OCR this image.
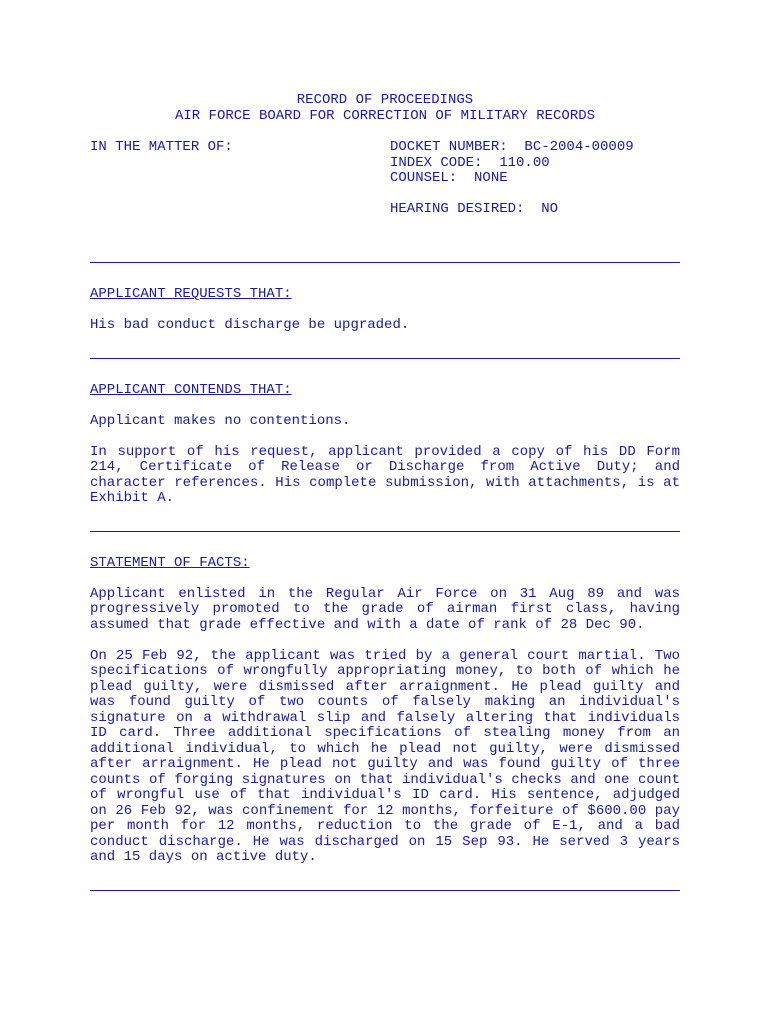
RECORD OF PROCEEDINGS
AIR FORCE BOARD FOR CORRECTION OF MILITARY RECORDS
IN THE MATTER OF:	DOCKET NUMBER:  BC-2004-00009
INDEX CODE:  110.00
COUNSEL:  NONE
HEARING DESIRED:  NO
APPLICANT REQUESTS THAT:

His bad conduct discharge be upgraded.

APPLICANT CONTENDS THAT:

Applicant makes no contentions.

In support of his request, applicant provided a copy of his DD Form 214, Certificate of Release or Discharge from Active Duty; and character references. His complete submission, with attachments, is at Exhibit A.

STATEMENT OF FACTS:

Applicant enlisted in the Regular Air Force on 31 Aug 89 and was progressively promoted to the grade of airman first class, having assumed that grade effective and with a date of rank of 28 Dec 90.

On 25 Feb 92, the applicant was tried by a general court martial. Two specifications of wrongfully appropriating money, to both of which he plead guilty, were dismissed after arraignment. He plead guilty and was found guilty of two counts of falsely making an individual's signature on a withdrawal slip and falsely altering that individuals ID card. Three additional specifications of stealing money from an additional individual, to which he plead not guilty, were dismissed after arraignment. He plead not guilty and was found guilty of three counts of forging signatures on that individual's checks and one count of wrongful use of that individual's ID card. His sentence, adjudged on 26 Feb 92, was confinement for 12 months, forfeiture of $600.00 pay per month for 12 months, reduction to the grade of E-1, and a bad conduct discharge. He was discharged on 15 Sep 93. He served 3 years and 15 days on active duty.
